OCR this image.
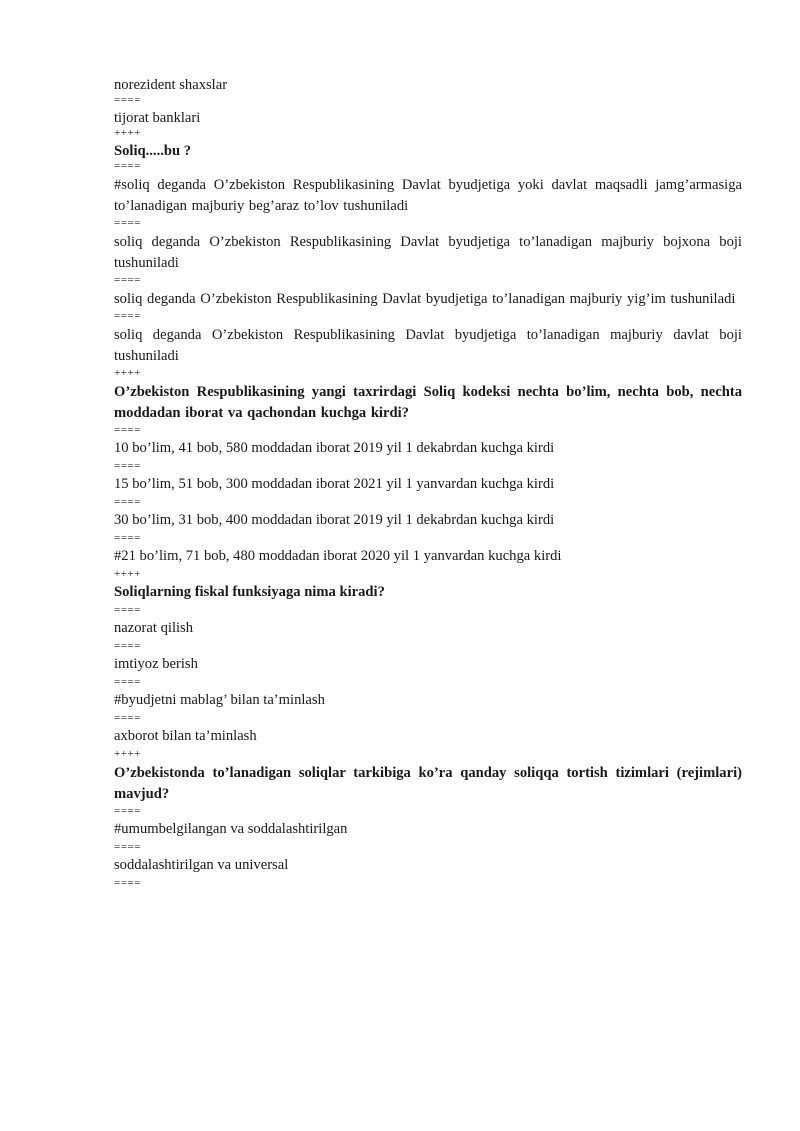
norezident shaxslar
====
tijorat banklari
++++
Soliq.....bu ?
====
#soliq deganda O’zbekiston Respublikasining Davlat byudjetiga yoki davlat maqsadli jamg’armasiga to’lanadigan majburiy beg’araz to’lov tushuniladi
====
soliq deganda O’zbekiston Respublikasining Davlat byudjetiga to’lanadigan majburiy bojxona boji tushuniladi
====
soliq deganda O’zbekiston Respublikasining Davlat byudjetiga to’lanadigan majburiy yig’im tushuniladi
====
soliq deganda O’zbekiston Respublikasining Davlat byudjetiga to’lanadigan majburiy davlat boji tushuniladi
++++
O’zbekiston Respublikasining yangi taxrirdagi Soliq kodeksi nechta bo’lim, nechta bob, nechta moddadan iborat va qachondan kuchga kirdi?
====
10 bo’lim, 41 bob, 580 moddadan iborat 2019 yil 1 dekabrdan kuchga kirdi
====
15 bo’lim, 51 bob, 300 moddadan iborat 2021 yil 1 yanvardan kuchga kirdi
====
30 bo’lim, 31 bob, 400 moddadan iborat 2019 yil 1 dekabrdan kuchga kirdi
====
#21 bo’lim, 71 bob, 480 moddadan iborat 2020 yil 1 yanvardan kuchga kirdi
++++
Soliqlarning fiskal funksiyaga nima kiradi?
====
nazorat qilish
====
imtiyoz berish
====
#byudjetni mablag’ bilan ta’minlash
====
axborot bilan ta’minlash
++++
O’zbekistonda to’lanadigan soliqlar tarkibiga ko’ra qanday soliqqa tortish tizimlari (rejimlari) mavjud?
====
#umumbelgilangan va soddalashtirilgan
====
soddalashtirilgan va universal
====
